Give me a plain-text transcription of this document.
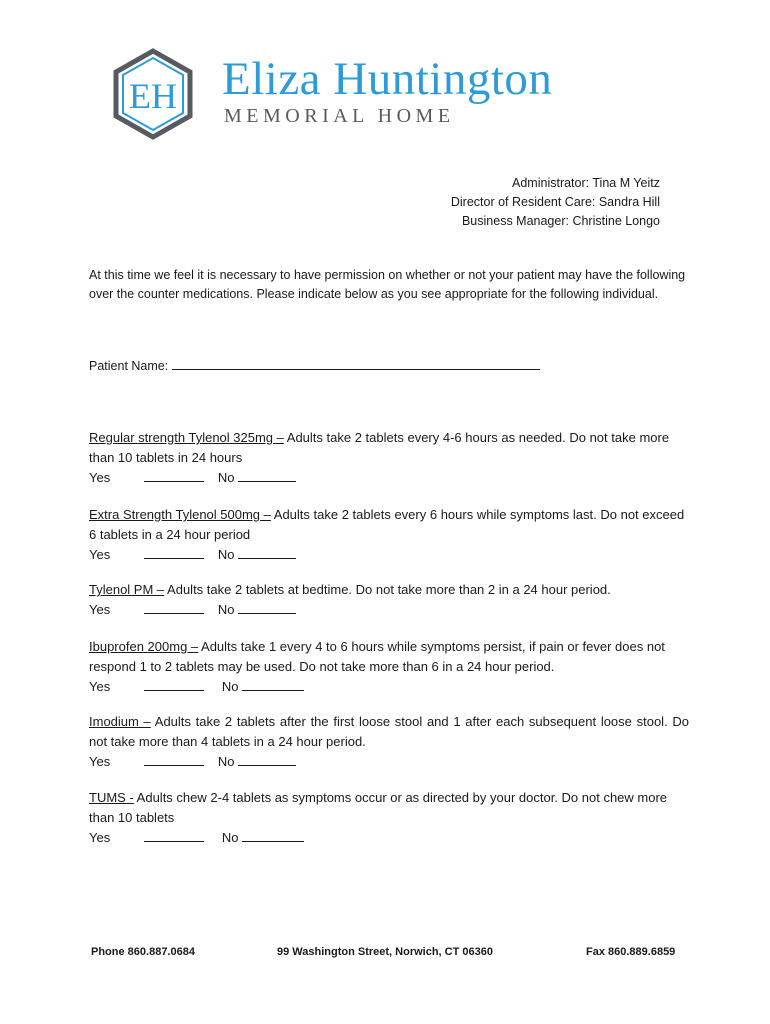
EH Eliza Huntington
MEMORIAL HOME
Administrator: Tina M Yeitz
Director of Resident Care: Sandra Hill
Business Manager: Christine Longo
At this time we feel it is necessary to have permission on whether or not your patient may have the following over the counter medications. Please indicate below as you see appropriate for the following individual.
Patient Name:
Regular strength Tylenol 325mg – Adults take 2 tablets every 4-6 hours as needed. Do not take more than 10 tablets in 24 hours
Yes	No
Extra Strength Tylenol 500mg – Adults take 2 tablets every 6 hours while symptoms last. Do not exceed 6 tablets in a 24 hour period
Yes	No
Tylenol PM – Adults take 2 tablets at bedtime. Do not take more than 2 in a 24 hour period.
Yes	No
Ibuprofen 200mg – Adults take 1 every 4 to 6 hours while symptoms persist, if pain or fever does not respond 1 to 2 tablets may be used. Do not take more than 6 in a 24 hour period.
Yes	No
Imodium – Adults take 2 tablets after the first loose stool and 1 after each subsequent loose stool. Do not take more than 4 tablets in a 24 hour period.
Yes	No
TUMS - Adults chew 2-4 tablets as symptoms occur or as directed by your doctor. Do not chew more than 10 tablets
Yes	No
Phone 860.887.0684	99 Washington Street, Norwich, CT 06360	Fax 860.889.6859
